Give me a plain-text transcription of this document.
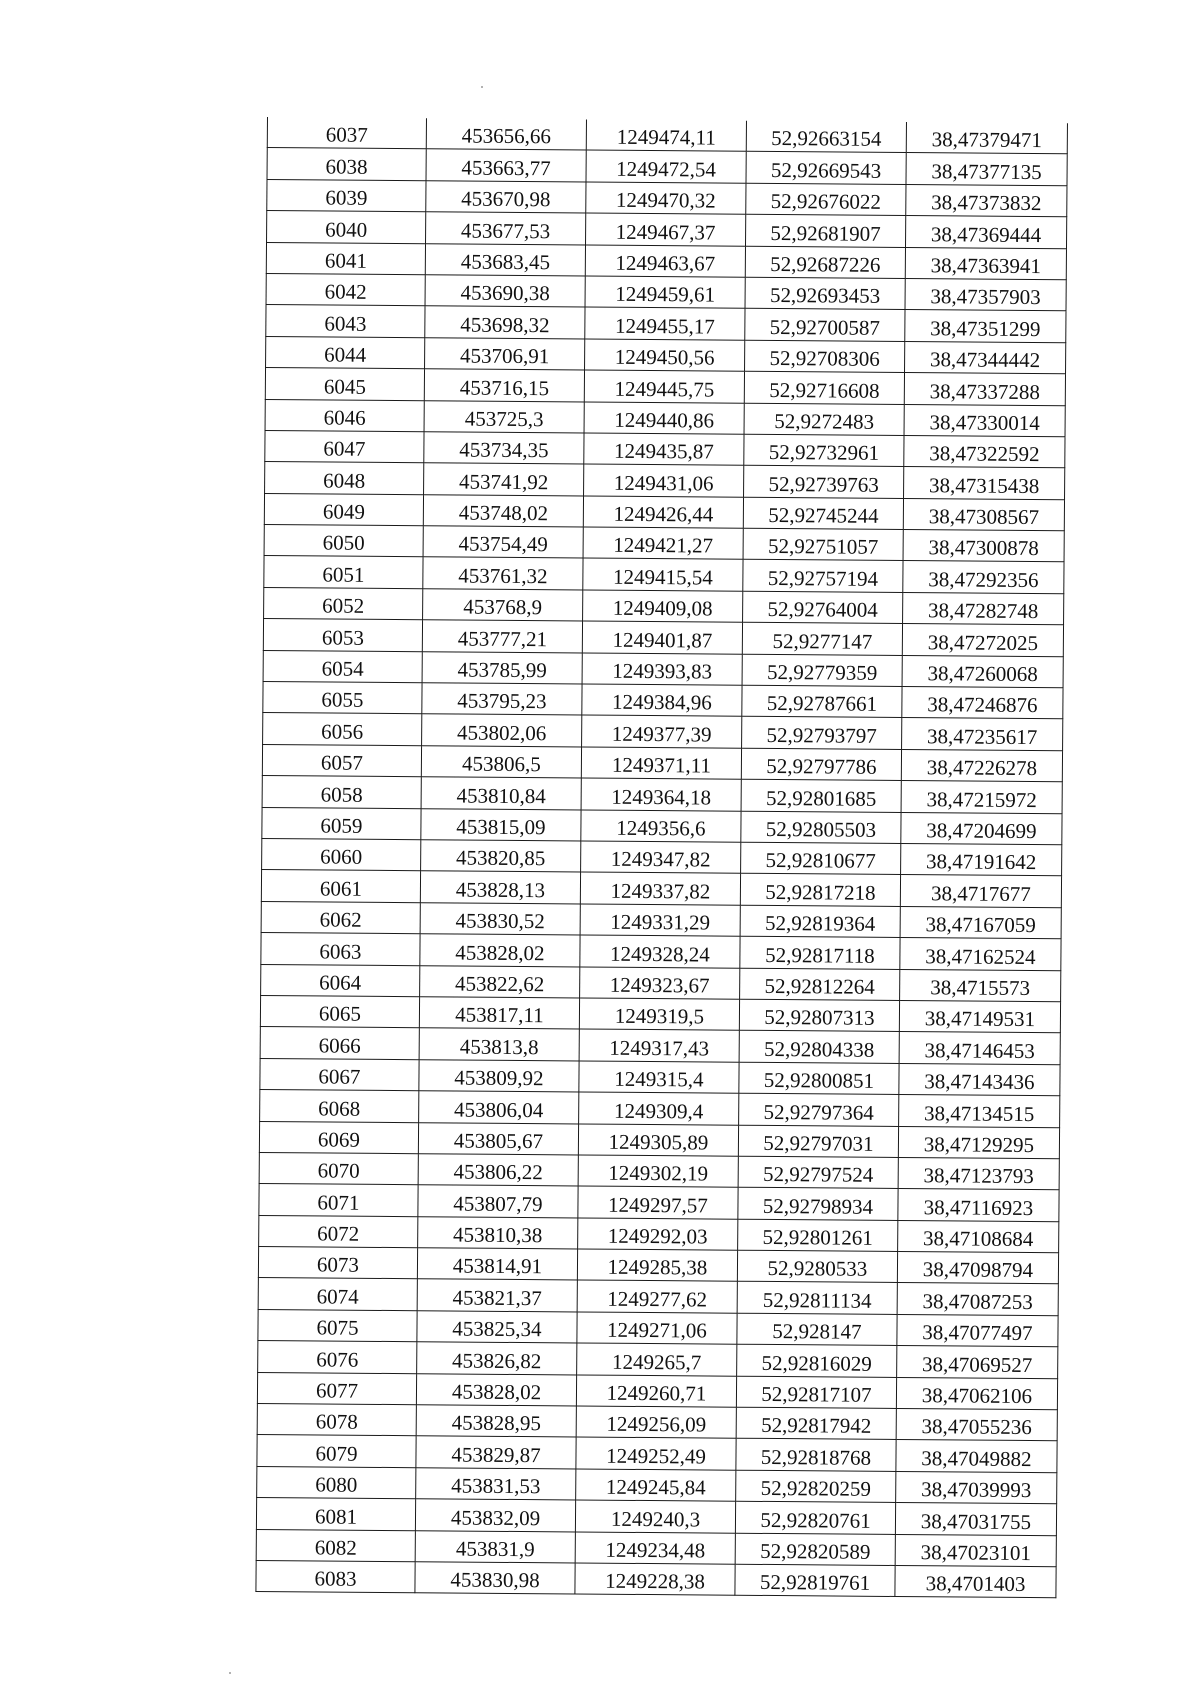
6037	453656,66	1249474,11	52,92663154	38,47379471
6038	453663,77	1249472,54	52,92669543	38,47377135
6039	453670,98	1249470,32	52,92676022	38,47373832
6040	453677,53	1249467,37	52,92681907	38,47369444
6041	453683,45	1249463,67	52,92687226	38,47363941
6042	453690,38	1249459,61	52,92693453	38,47357903
6043	453698,32	1249455,17	52,92700587	38,47351299
6044	453706,91	1249450,56	52,92708306	38,47344442
6045	453716,15	1249445,75	52,92716608	38,47337288
6046	453725,3	1249440,86	52,9272483	38,47330014
6047	453734,35	1249435,87	52,92732961	38,47322592
6048	453741,92	1249431,06	52,92739763	38,47315438
6049	453748,02	1249426,44	52,92745244	38,47308567
6050	453754,49	1249421,27	52,92751057	38,47300878
6051	453761,32	1249415,54	52,92757194	38,47292356
6052	453768,9	1249409,08	52,92764004	38,47282748
6053	453777,21	1249401,87	52,9277147	38,47272025
6054	453785,99	1249393,83	52,92779359	38,47260068
6055	453795,23	1249384,96	52,92787661	38,47246876
6056	453802,06	1249377,39	52,92793797	38,47235617
6057	453806,5	1249371,11	52,92797786	38,47226278
6058	453810,84	1249364,18	52,92801685	38,47215972
6059	453815,09	1249356,6	52,92805503	38,47204699
6060	453820,85	1249347,82	52,92810677	38,47191642
6061	453828,13	1249337,82	52,92817218	38,4717677
6062	453830,52	1249331,29	52,92819364	38,47167059
6063	453828,02	1249328,24	52,92817118	38,47162524
6064	453822,62	1249323,67	52,92812264	38,4715573
6065	453817,11	1249319,5	52,92807313	38,47149531
6066	453813,8	1249317,43	52,92804338	38,47146453
6067	453809,92	1249315,4	52,92800851	38,47143436
6068	453806,04	1249309,4	52,92797364	38,47134515
6069	453805,67	1249305,89	52,92797031	38,47129295
6070	453806,22	1249302,19	52,92797524	38,47123793
6071	453807,79	1249297,57	52,92798934	38,47116923
6072	453810,38	1249292,03	52,92801261	38,47108684
6073	453814,91	1249285,38	52,9280533	38,47098794
6074	453821,37	1249277,62	52,92811134	38,47087253
6075	453825,34	1249271,06	52,928147	38,47077497
6076	453826,82	1249265,7	52,92816029	38,47069527
6077	453828,02	1249260,71	52,92817107	38,47062106
6078	453828,95	1249256,09	52,92817942	38,47055236
6079	453829,87	1249252,49	52,92818768	38,47049882
6080	453831,53	1249245,84	52,92820259	38,47039993
6081	453832,09	1249240,3	52,92820761	38,47031755
6082	453831,9	1249234,48	52,92820589	38,47023101
6083	453830,98	1249228,38	52,92819761	38,4701403
